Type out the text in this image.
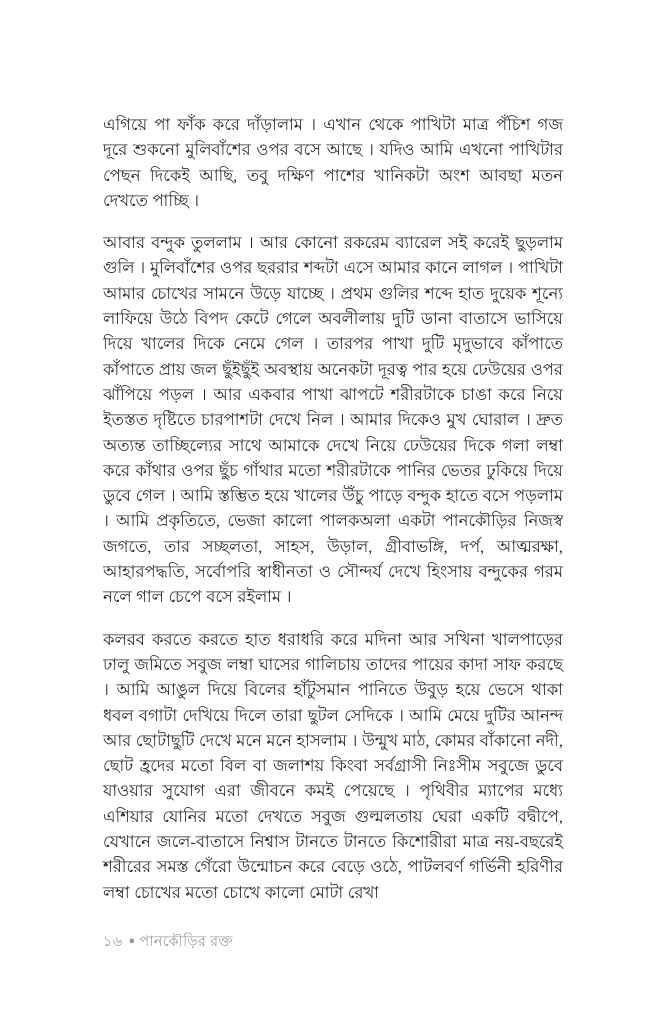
এগিয়ে পা ফাঁক করে দাঁড়ালাম । এখান থেকে পাখিটা মাত্র পঁচিশ গজ দূরে শুকনো মুলিবাঁশের ওপর বসে আছে । যদিও আমি এখনো পাখিটার পেছন দিকেই আছি, তবু দক্ষিণ পাশের খানিকটা অংশ আবছা মতন দেখতে পাচ্ছি ।

আবার বন্দুক তুললাম । আর কোনো রকরেম ব্যারেল সই করেই ছুড়লাম গুলি । মুলিবাঁশের ওপর ছররার শব্দটা এসে আমার কানে লাগল । পাখিটা আমার চোখের সামনে উড়ে যাচ্ছে । প্রথম গুলির শব্দে হাত দুয়েক শূন্যে লাফিয়ে উঠে বিপদ কেটে গেলে অবলীলায় দুটি ডানা বাতাসে ভাসিয়ে দিয়ে খালের দিকে নেমে গেল । তারপর পাখা দুটি মৃদুভাবে কাঁপাতে কাঁপাতে প্রায় জল ছুঁইছুঁই অবস্থায় অনেকটা দূরত্ব পার হয়ে ঢেউয়ের ওপর ঝাঁপিয়ে পড়ল । আর একবার পাখা ঝাপটে শরীরটাকে চাঙা করে নিয়ে ইতস্তত দৃষ্টিতে চারপাশটা দেখে নিল । আমার দিকেও মুখ ঘোরাল । দ্রুত অত্যন্ত তাচ্ছিল্যের সাথে আমাকে দেখে নিয়ে ঢেউয়ের দিকে গলা লম্বা করে কাঁথার ওপর ছুঁচ গাঁথার মতো শরীরটাকে পানির ভেতর ঢুকিয়ে দিয়ে ডুবে গেল । আমি স্তম্ভিত হয়ে খালের উঁচু পাড়ে বন্দুক হাতে বসে পড়লাম । আমি প্রকৃতিতে, ভেজা কালো পালকঅলা একটা পানকৌড়ির নিজস্ব জগতে, তার সচ্ছলতা, সাহস, উড়াল, গ্রীবাভঙ্গি, দর্প, আত্মরক্ষা, আহারপদ্ধতি, সর্বোপরি স্বাধীনতা ও সৌন্দর্য দেখে হিংসায় বন্দুকের গরম নলে গাল চেপে বসে রইলাম ।

কলরব করতে করতে হাত ধরাধরি করে মদিনা আর সখিনা খালপাড়ের ঢালু জমিতে সবুজ লম্বা ঘাসের গালিচায় তাদের পায়ের কাদা সাফ করছে । আমি আঙুল দিয়ে বিলের হাঁটুসমান পানিতে উবুড় হয়ে ভেসে থাকা ধবল বগাটা দেখিয়ে দিলে তারা ছুটল সেদিকে । আমি মেয়ে দুটির আনন্দ আর ছোটাছুটি দেখে মনে মনে হাসলাম । উন্মুখ মাঠ, কোমর বাঁকানো নদী, ছোট হ্রদের মতো বিল বা জলাশয় কিংবা সর্বগ্রাসী নিঃসীম সবুজে ডুবে যাওয়ার সুযোগ এরা জীবনে কমই পেয়েছে । পৃথিবীর ম্যাপের মধ্যে এশিয়ার যোনির মতো দেখতে সবুজ গুল্মলতায় ঘেরা একটি বদ্বীপে, যেখানে জলে-বাতাসে নিশ্বাস টানতে টানতে কিশোরীরা মাত্র নয়-বছরেই শরীরের সমস্ত গেঁরো উন্মোচন করে বেড়ে ওঠে, পাটলবর্ণ গর্ভিনী হরিণীর লম্বা চোখের মতো চোখে কালো মোটা রেখা

১৬ ● পানকৌড়ির রক্ত
